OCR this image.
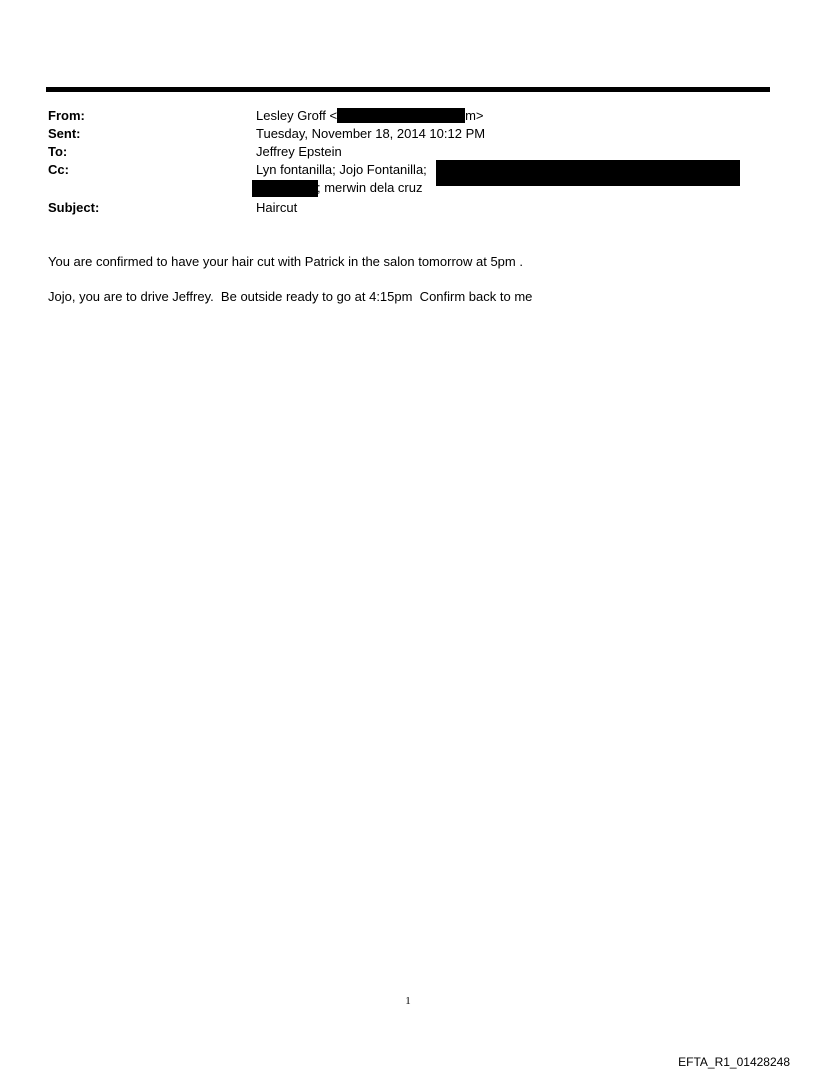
From:	Lesley Groff <	m>
Sent:	Tuesday, November 18, 2014 10:12 PM
To:	Jeffrey Epstein
Cc:	Lyn fontanilla; Jojo Fontanilla;
; merwin dela cruz
Subject:	Haircut
You are confirmed to have your hair cut with Patrick in the salon tomorrow at 5pm .
Jojo, you are to drive Jeffrey.  Be outside ready to go at 4:15pm  Confirm back to me
1
EFTA_R1_01428248
